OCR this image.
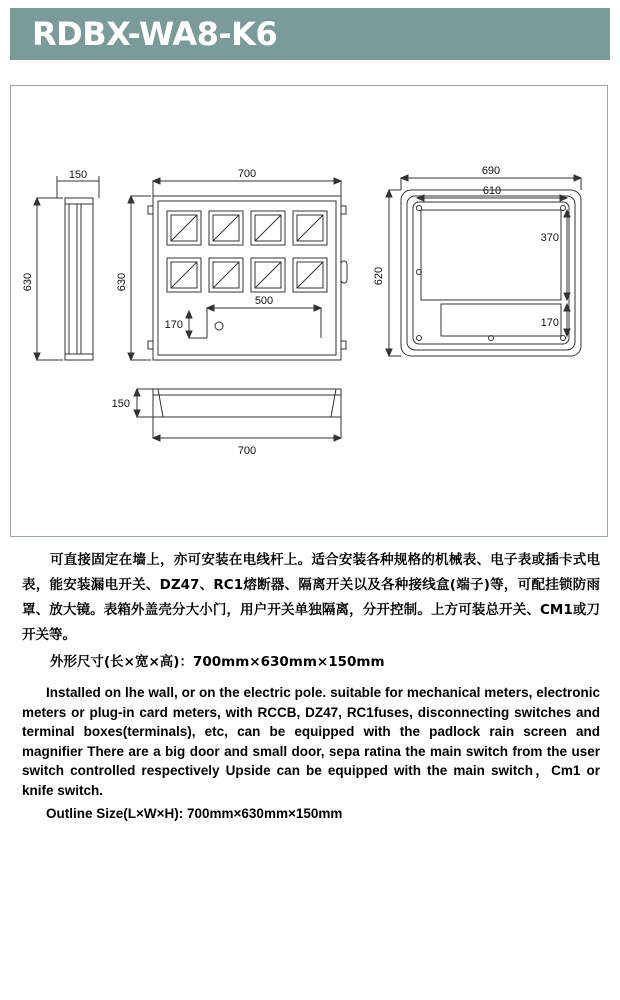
RDBX-WA8-K6
150
630
700
630
500
170
690
610
620
370
170
150
700

可直接固定在墙上，亦可安装在电线杆上。适合安装各种规格的机械表、电子表或插卡式电表，能安装漏电开关、DZ47、RC1熔断器、隔离开关以及各种接线盒(端子)等，可配挂锁防雨罩、放大镜。表箱外盖壳分大小门，用户开关单独隔离，分开控制。上方可装总开关、CM1或刀开关等。

外形尺寸(长×宽×高)：700mm×630mm×150mm

Installed on lhe wall, or on the electric pole. suitable for mechanical meters, electronic meters or plug-in card meters, with RCCB, DZ47, RC1fuses, disconnecting switches and terminal boxes(terminals), etc, can be equipped with the padlock rain screen and magnifier There are a big door and small door, sepa ratina the main switch from the user switch controlled respectively Upside can be equipped with the main switch，Cm1 or knife switch.

Outline Size(L×W×H): 700mm×630mm×150mm
